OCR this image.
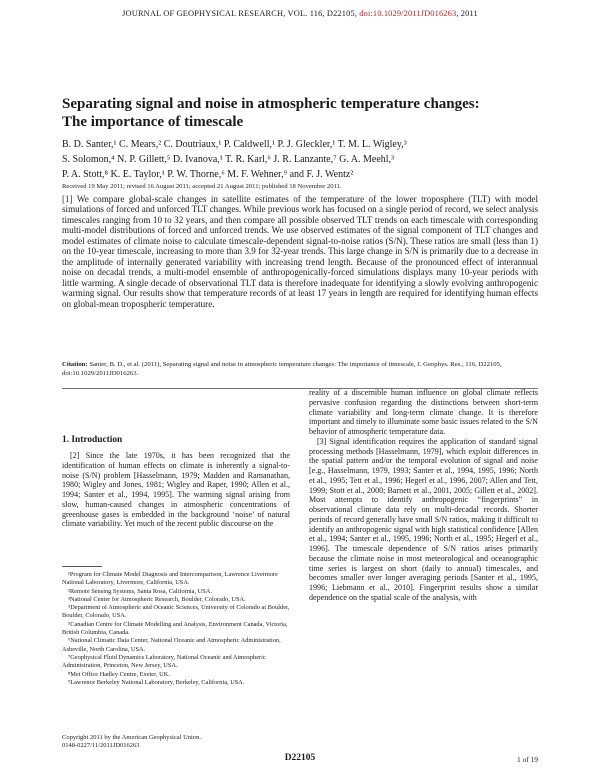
JOURNAL OF GEOPHYSICAL RESEARCH, VOL. 116, D22105, doi:10.1029/2011JD016263, 2011
Separating signal and noise in atmospheric temperature changes:
The importance of timescale
B. D. Santer,¹ C. Mears,² C. Doutriaux,¹ P. Caldwell,¹ P. J. Gleckler,¹ T. M. L. Wigley,³
S. Solomon,⁴ N. P. Gillett,⁵ D. Ivanova,¹ T. R. Karl,⁶ J. R. Lanzante,⁷ G. A. Meehl,³
P. A. Stott,⁸ K. E. Taylor,¹ P. W. Thorne,⁶ M. F. Wehner,⁹ and F. J. Wentz²
Received 19 May 2011; revised 16 August 2011; accepted 21 August 2011; published 18 November 2011.
[1] We compare global-scale changes in satellite estimates of the temperature of the lower troposphere (TLT) with model simulations of forced and unforced TLT changes. While previous work has focused on a single period of record, we select analysis timescales ranging from 10 to 32 years, and then compare all possible observed TLT trends on each timescale with corresponding multi-model distributions of forced and unforced trends. We use observed estimates of the signal component of TLT changes and model estimates of climate noise to calculate timescale-dependent signal-to-noise ratios (S/N). These ratios are small (less than 1) on the 10-year timescale, increasing to more than 3.9 for 32-year trends. This large change in S/N is primarily due to a decrease in the amplitude of internally generated variability with increasing trend length. Because of the pronounced effect of interannual noise on decadal trends, a multi-model ensemble of anthropogenically-forced simulations displays many 10-year periods with little warming. A single decade of observational TLT data is therefore inadequate for identifying a slowly evolving anthropogenic warming signal. Our results show that temperature records of at least 17 years in length are required for identifying human effects on global-mean tropospheric temperature.
Citation: Santer, B. D., et al. (2011), Separating signal and noise in atmospheric temperature changes: The importance of timescale, J. Geophys. Res., 116, D22105, doi:10.1029/2011JD016263.
1. Introduction

[2] Since the late 1970s, it has been recognized that the identification of human effects on climate is inherently a signal-to-noise (S/N) problem [Hasselmann, 1979; Madden and Ramanathan, 1980; Wigley and Jones, 1981; Wigley and Raper, 1990; Allen et al., 1994; Santer et al., 1994, 1995]. The warming signal arising from slow, human-caused changes in atmospheric concentrations of greenhouse gases is embedded in the background ‘noise’ of natural climate variability. Yet much of the recent public discourse on the

reality of a discernible human influence on global climate reflects pervasive confusion regarding the distinctions between short-term climate variability and long-term climate change. It is therefore important and timely to illuminate some basic issues related to the S/N behavior of atmospheric temperature data.

[3] Signal identification requires the application of standard signal processing methods [Hasselmann, 1979], which exploit differences in the spatial pattern and/or the temporal evolution of signal and noise [e.g., Hasselmann, 1979, 1993; Santer et al., 1994, 1995, 1996; North et al., 1995; Tett et al., 1996; Hegerl et al., 1996, 2007; Allen and Tett, 1999; Stott et al., 2000; Barnett et al., 2001, 2005; Gillett et al., 2002]. Most attempts to identify anthropogenic “fingerprints” in observational climate data rely on multi-decadal records. Shorter periods of record generally have small S/N ratios, making it difficult to identify an anthropogenic signal with high statistical confidence [Allen et al., 1994; Santer et al., 1995, 1996; North et al., 1995; Hegerl et al., 1996]. The timescale dependence of S/N ratios arises primarily because the climate noise in most meteorological and oceanographic time series is largest on short (daily to annual) timescales, and becomes smaller over longer averaging periods [Santer et al., 1995, 1996; Liebmann et al., 2010]. Fingerprint results show a similar dependence on the spatial scale of the analysis, with

¹Program for Climate Model Diagnosis and Intercomparison, Lawrence Livermore National Laboratory, Livermore, California, USA.
²Remote Sensing Systems, Santa Rosa, California, USA.
³National Center for Atmospheric Research, Boulder, Colorado, USA.
⁴Department of Atmospheric and Oceanic Sciences, University of Colorado at Boulder, Boulder, Colorado, USA.
⁵Canadian Centre for Climate Modelling and Analysis, Environment Canada, Victoria, British Columbia, Canada.
⁶National Climatic Data Center, National Oceanic and Atmospheric Administration, Asheville, North Carolina, USA.
⁷Geophysical Fluid Dynamics Laboratory, National Oceanic and Atmospheric Administration, Princeton, New Jersey, USA.
⁸Met Office Hadley Centre, Exeter, UK.
⁹Lawrence Berkeley National Laboratory, Berkeley, California, USA.
Copyright 2011 by the American Geophysical Union.
0148-0227/11/2011JD016263
D22105	1 of 19
